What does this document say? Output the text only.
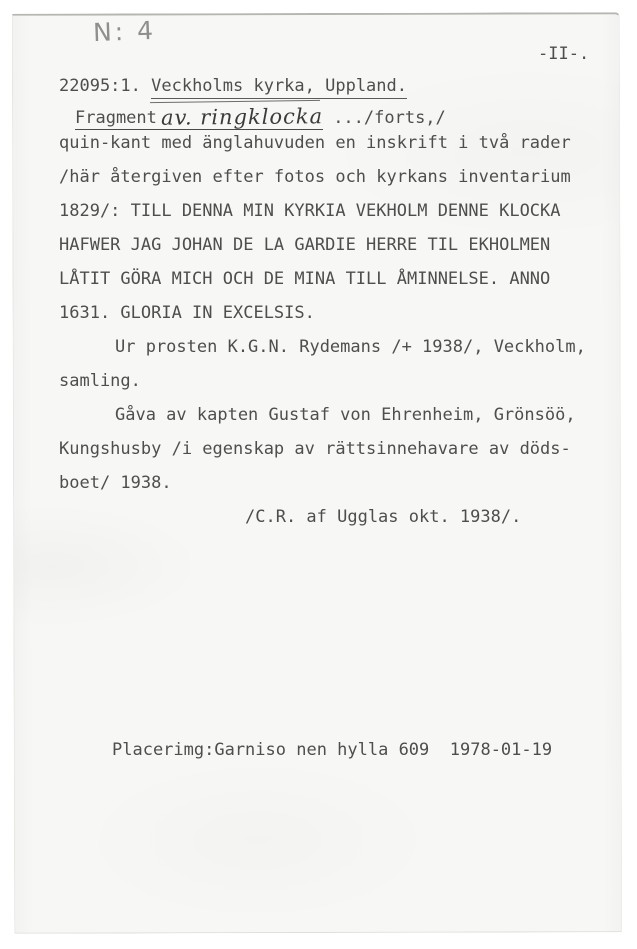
N: 4
-II-.
22095:1. Veckholms kyrka, Uppland.
Fragment av. ringklocka .../forts,/
quin-kant med änglahuvuden en inskrift i två rader
/här återgiven efter fotos och kyrkans inventarium
1829/: TILL DENNA MIN KYRKIA VEKHOLM DENNE KLOCKA
HAFWER JAG JOHAN DE LA GARDIE HERRE TIL EKHOLMEN
LÅTIT GÖRA MICH OCH DE MINA TILL ÅMINNELSE. ANNO
1631. GLORIA IN EXCELSIS.
Ur prosten K.G.N. Rydemans /+ 1938/, Veckholm,
samling.
Gåva av kapten Gustaf von Ehrenheim, Grönsöö,
Kungshusby /i egenskap av rättsinnehavare av döds-
boet/ 1938.
/C.R. af Ugglas okt. 1938/.
Placerimg:Garniso nen hylla 609  1978-01-19
